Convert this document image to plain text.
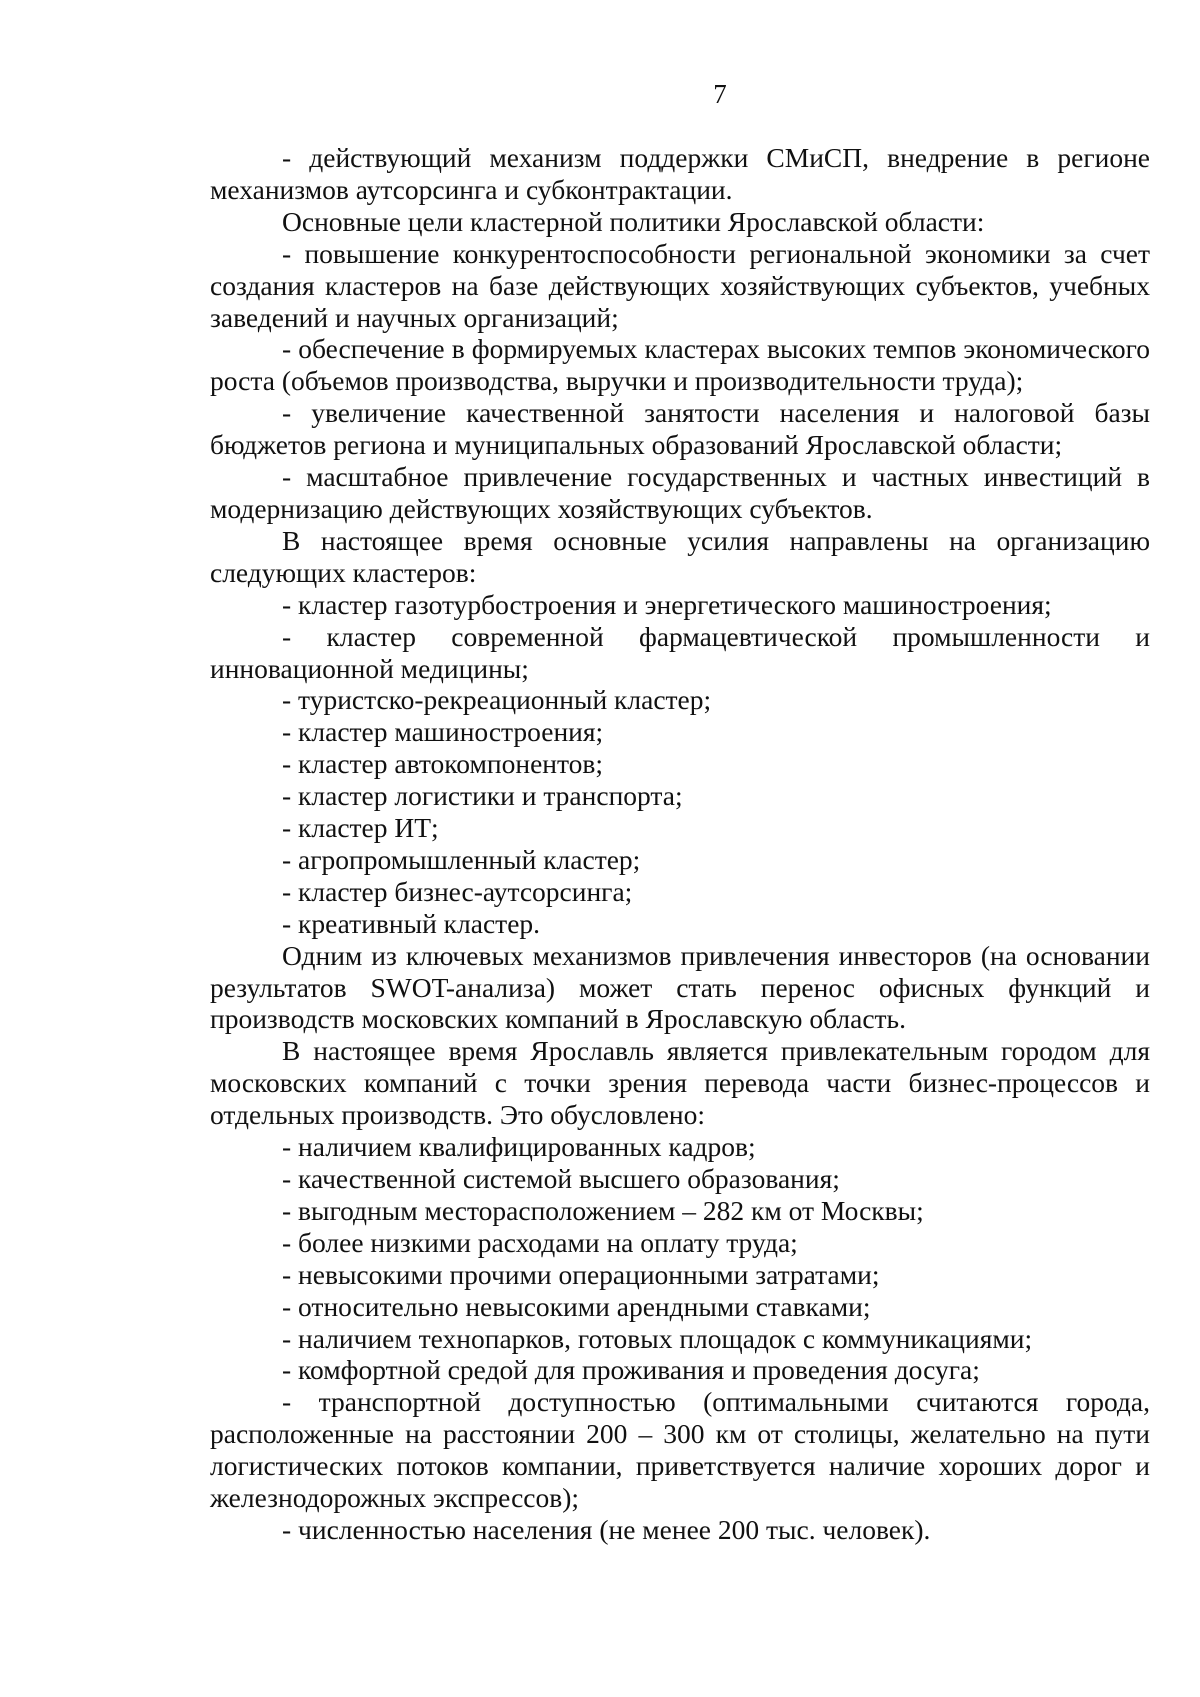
7

- действующий механизм поддержки СМиСП, внедрение в регионе механизмов аутсорсинга и субконтрактации.

Основные цели кластерной политики Ярославской области:

- повышение конкурентоспособности региональной экономики за счет создания кластеров на базе действующих хозяйствующих субъектов, учебных заведений и научных организаций;

- обеспечение в формируемых кластерах высоких темпов экономического роста (объемов производства, выручки и производительности труда);

- увеличение качественной занятости населения и налоговой базы бюджетов региона и муниципальных образований Ярославской области;

- масштабное привлечение государственных и частных инвестиций в модернизацию действующих хозяйствующих субъектов.

В настоящее время основные усилия направлены на организацию следующих кластеров:

- кластер газотурбостроения и энергетического машиностроения;

- кластер современной фармацевтической промышленности и инновационной медицины;

- туристско-рекреационный кластер;

- кластер машиностроения;

- кластер автокомпонентов;

- кластер логистики и транспорта;

- кластер ИТ;

- агропромышленный кластер;

- кластер бизнес-аутсорсинга;

- креативный кластер.

Одним из ключевых механизмов привлечения инвесторов (на основании результатов SWOT-анализа) может стать перенос офисных функций и производств московских компаний в Ярославскую область.

В настоящее время Ярославль является привлекательным городом для московских компаний с точки зрения перевода части бизнес-процессов и отдельных производств. Это обусловлено:

- наличием квалифицированных кадров;

- качественной системой высшего образования;

- выгодным месторасположением – 282 км от Москвы;

- более низкими расходами на оплату труда;

- невысокими прочими операционными затратами;

- относительно невысокими арендными ставками;

- наличием технопарков, готовых площадок с коммуникациями;

- комфортной средой для проживания и проведения досуга;

- транспортной доступностью (оптимальными считаются города, расположенные на расстоянии 200 – 300 км от столицы, желательно на пути логистических потоков компании, приветствуется наличие хороших дорог и железнодорожных экспрессов);

- численностью населения (не менее 200 тыс. человек).
